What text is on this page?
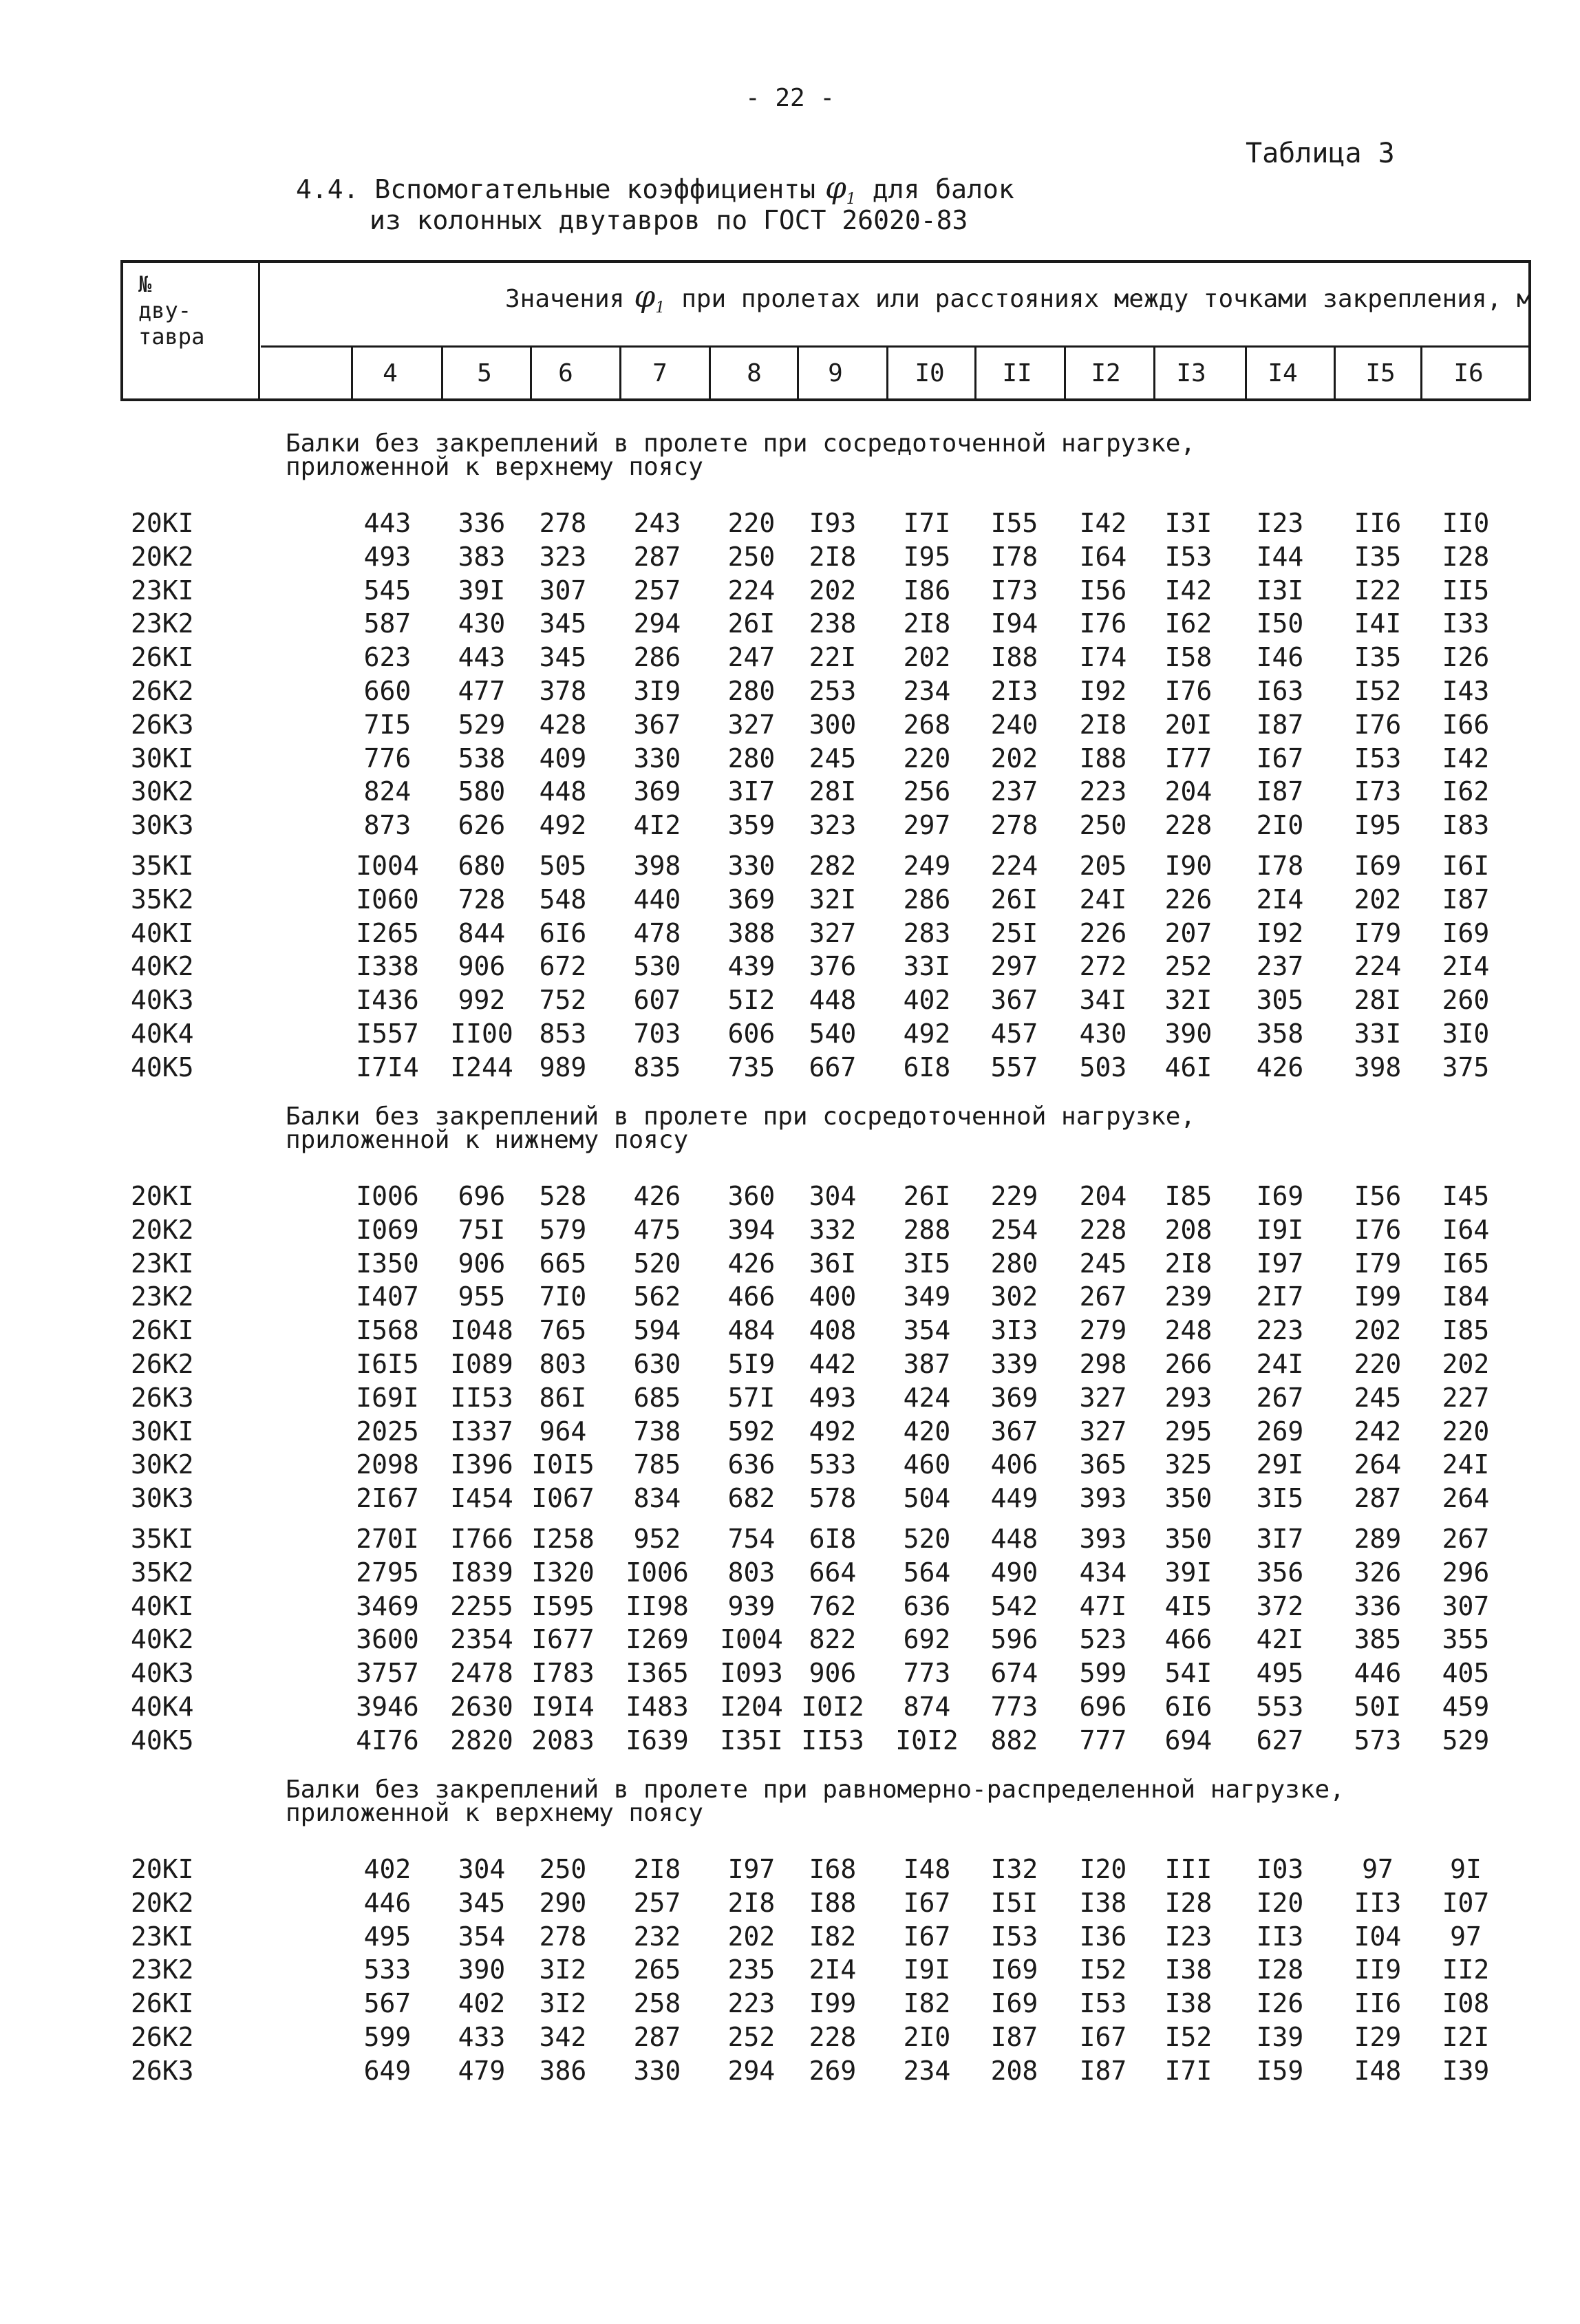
- 22 -
Таблица 3
4.4. Вспомогательные коэффициенты $\varphi_1$ для балок
из колонных двутавров по ГОСТ 26020-83
№
дву-
тавра
Значения $\varphi_1$ при пролетах или расстояниях между точками закрепления, м
4	5	6	7	8	9	I0	II	I2	I3	I4	I5	I6
Балки без закреплений в пролете при сосредоточенной нагрузке,
приложенной к верхнему поясу
20КI	443	336	278	243	220	I93	I7I	I55	I42	I3I	I23	II6	II0
20К2	493	383	323	287	250	2I8	I95	I78	I64	I53	I44	I35	I28
23КI	545	39I	307	257	224	202	I86	I73	I56	I42	I3I	I22	II5
23К2	587	430	345	294	26I	238	2I8	I94	I76	I62	I50	I4I	I33
26КI	623	443	345	286	247	22I	202	I88	I74	I58	I46	I35	I26
26К2	660	477	378	3I9	280	253	234	2I3	I92	I76	I63	I52	I43
26К3	7I5	529	428	367	327	300	268	240	2I8	20I	I87	I76	I66
30КI	776	538	409	330	280	245	220	202	I88	I77	I67	I53	I42
30К2	824	580	448	369	3I7	28I	256	237	223	204	I87	I73	I62
30К3	873	626	492	4I2	359	323	297	278	250	228	2I0	I95	I83
35КI	I004	680	505	398	330	282	249	224	205	I90	I78	I69	I6I
35К2	I060	728	548	440	369	32I	286	26I	24I	226	2I4	202	I87
40КI	I265	844	6I6	478	388	327	283	25I	226	207	I92	I79	I69
40К2	I338	906	672	530	439	376	33I	297	272	252	237	224	2I4
40К3	I436	992	752	607	5I2	448	402	367	34I	32I	305	28I	260
40К4	I557	II00 853	703	606	540	492	457	430	390	358	33I	3I0
40К5	I7I4	I244 989	835	735	667	6I8	557	503	46I	426	398	375
Балки без закреплений в пролете при сосредоточенной нагрузке,
приложенной к нижнему поясу
20КI	I006	696	528	426	360	304	26I	229	204	I85	I69	I56	I45
20К2	I069	75I	579	475	394	332	288	254	228	208	I9I	I76	I64
23КI	I350	906	665	520	426	36I	3I5	280	245	2I8	I97	I79	I65
23К2	I407	955	7I0	562	466	400	349	302	267	239	2I7	I99	I84
26КI	I568	I048 765	594	484	408	354	3I3	279	248	223	202	I85
26К2	I6I5	I089 803	630	5I9	442	387	339	298	266	24I	220	202
26К3	I69I	II53 86I	685	57I	493	424	369	327	293	267	245	227
30КI	2025	I337 964	738	592	492	420	367	327	295	269	242	220
30К2	2098	I396 I0I5	785	636	533	460	406	365	325	29I	264	24I
30К3	2I67	I454 I067	834	682	578	504	449	393	350	3I5	287	264
35КI	270I	I766 I258	952	754	6I8	520	448	393	350	3I7	289	267
35К2	2795	I839 I320	I006	803	664	564	490	434	39I	356	326	296
40КI	3469	2255 I595	II98	939	762	636	542	47I	4I5	372	336	307
40К2	3600	2354 I677	I269	I004 822	692	596	523	466	42I	385	355
40К3	3757	2478 I783	I365	I093 906	773	674	599	54I	495	446	405
40К4	3946	2630 I9I4	I483	I204 I0I2	874	773	696	6I6	553	50I	459
40К5	4I76	2820 2083	I639	I35I II53	I0I2	882	777	694	627	573	529
Балки без закреплений в пролете при равномерно-распределенной нагрузке,
приложенной к верхнему поясу
20КI	402	304	250	2I8	I97	I68	I48	I32	I20	III	I03	97	9I
20К2	446	345	290	257	2I8	I88	I67	I5I	I38	I28	I20	II3	I07
23КI	495	354	278	232	202	I82	I67	I53	I36	I23	II3	I04	97
23К2	533	390	3I2	265	235	2I4	I9I	I69	I52	I38	I28	II9	II2
26КI	567	402	3I2	258	223	I99	I82	I69	I53	I38	I26	II6	I08
26К2	599	433	342	287	252	228	2I0	I87	I67	I52	I39	I29	I2I
26К3	649	479	386	330	294	269	234	208	I87	I7I	I59	I48	I39
